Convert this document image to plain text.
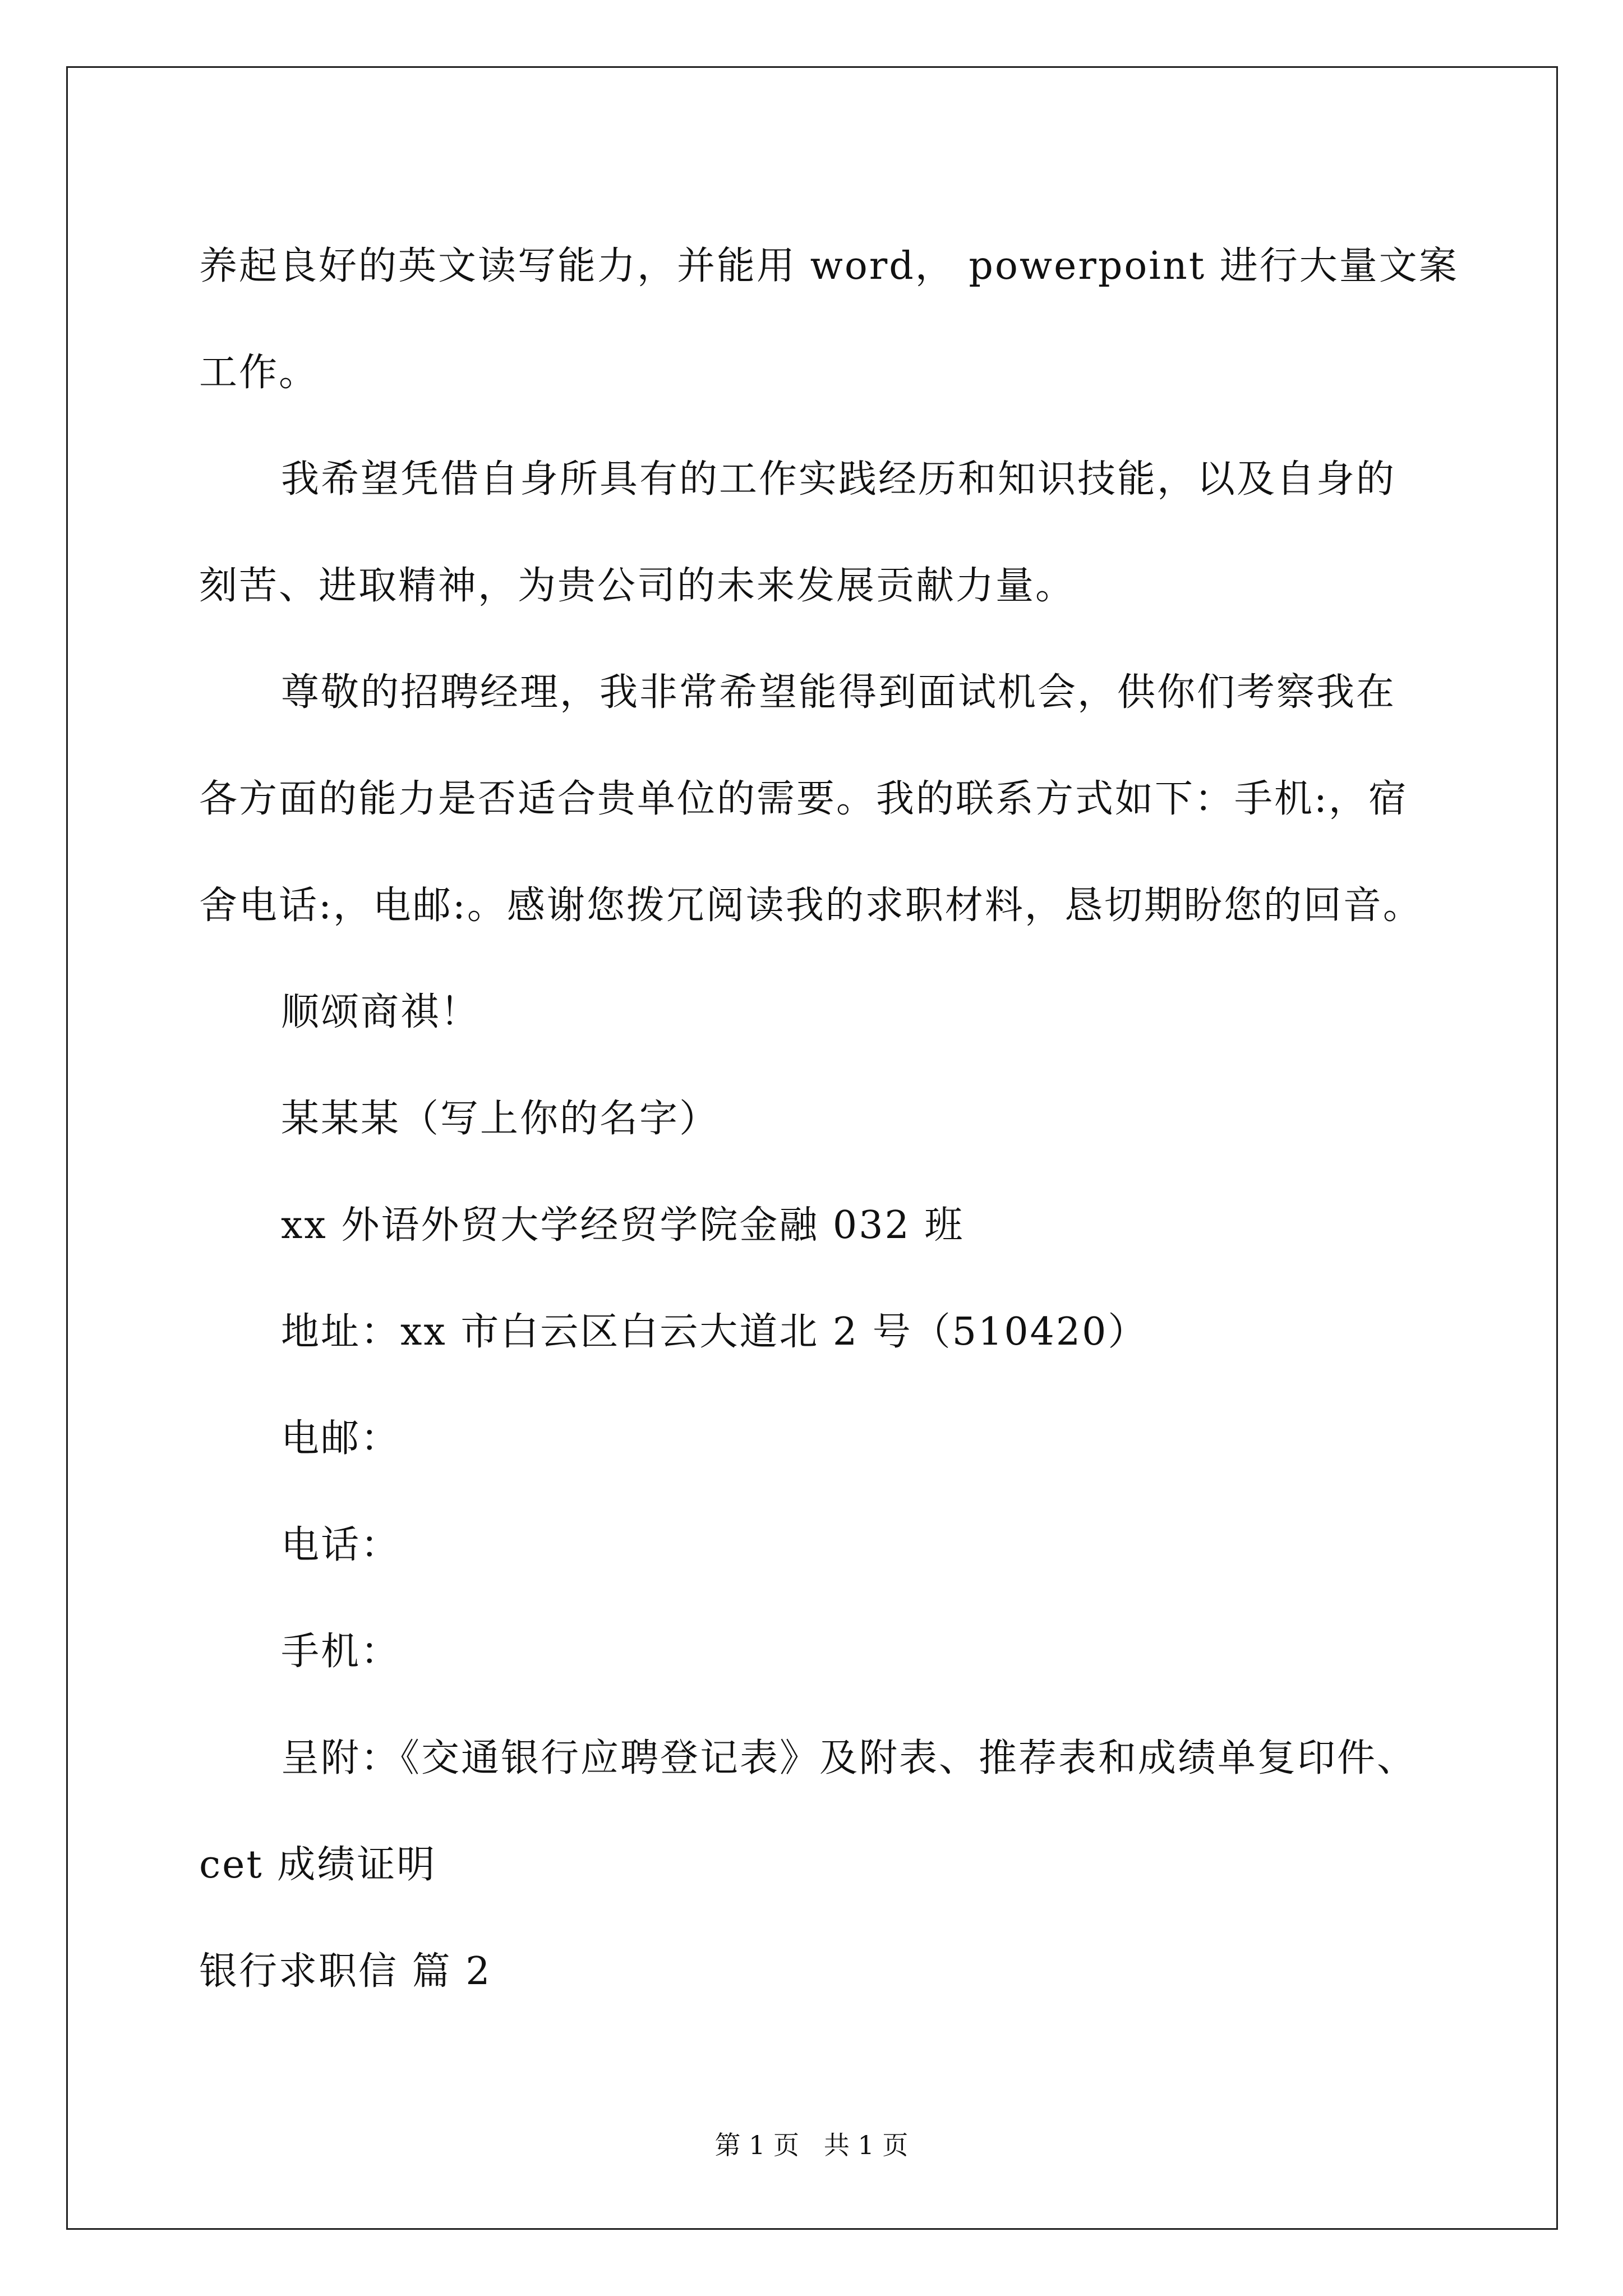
养起良好的英文读写能力，并能用 word， powerpoint 进行大量文案
工作。
我希望凭借自身所具有的工作实践经历和知识技能，以及自身的
刻苦、进取精神，为贵公司的未来发展贡献力量。
尊敬的招聘经理，我非常希望能得到面试机会，供你们考察我在
各方面的能力是否适合贵单位的需要。我的联系方式如下：手机:，宿
舍电话:，电邮:。感谢您拨冗阅读我的求职材料，恳切期盼您的回音。
顺颂商祺！
某某某（写上你的名字）
xx 外语外贸大学经贸学院金融 032 班
地址：xx 市白云区白云大道北 2 号（510420）
电邮：
电话：
手机：
呈附：《交通银行应聘登记表》及附表、推荐表和成绩单复印件、
cet 成绩证明
银行求职信 篇 2
第 1 页   共 1 页
